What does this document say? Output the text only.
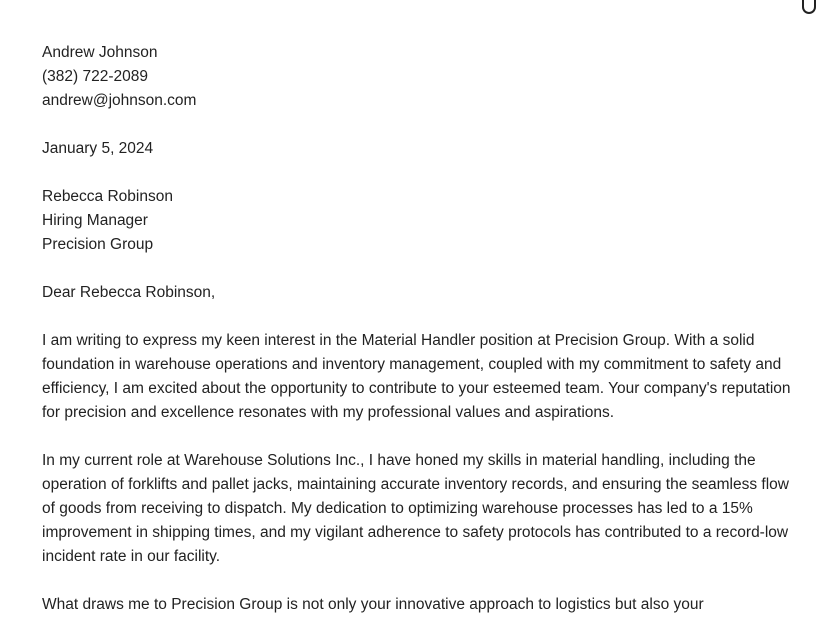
Andrew Johnson
(382) 722-2089
andrew@johnson.com
January 5, 2024
Rebecca Robinson
Hiring Manager
Precision Group
Dear Rebecca Robinson,

I am writing to express my keen interest in the Material Handler position at Precision Group. With a solid foundation in warehouse operations and inventory management, coupled with my commitment to safety and efficiency, I am excited about the opportunity to contribute to your esteemed team. Your company's reputation for precision and excellence resonates with my professional values and aspirations.

In my current role at Warehouse Solutions Inc., I have honed my skills in material handling, including the operation of forklifts and pallet jacks, maintaining accurate inventory records, and ensuring the seamless flow of goods from receiving to dispatch. My dedication to optimizing warehouse processes has led to a 15% improvement in shipping times, and my vigilant adherence to safety protocols has contributed to a record-low incident rate in our facility.

What draws me to Precision Group is not only your innovative approach to logistics but also your
